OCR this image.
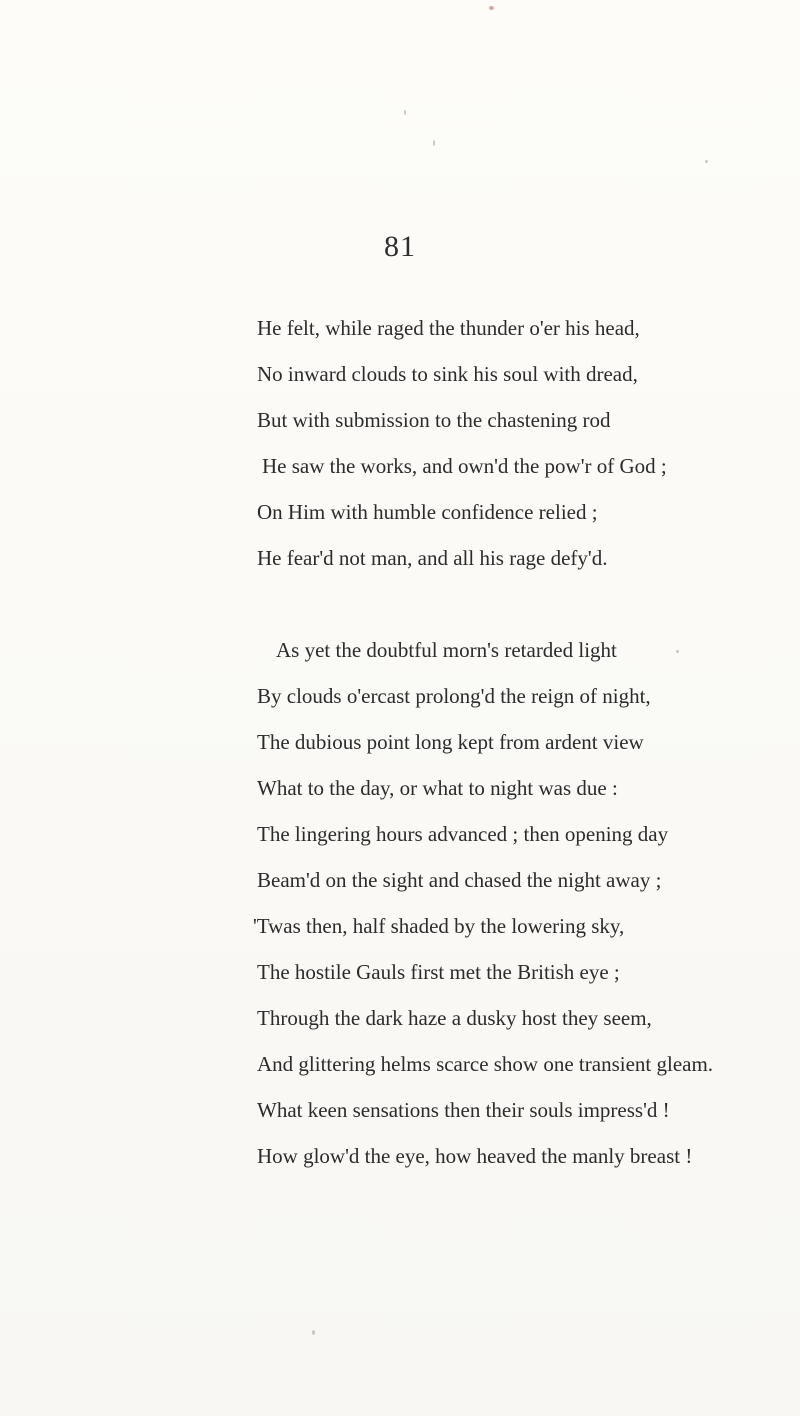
81
He felt, while raged the thunder o'er his head,
No inward clouds to sink his soul with dread,
But with submission to the chastening rod
He saw the works, and own'd the pow'r of God ;
On Him with humble confidence relied ;
He fear'd not man, and all his rage defy'd.
As yet the doubtful morn's retarded light
By clouds o'ercast prolong'd the reign of night,
The dubious point long kept from ardent view
What to the day, or what to night was due :
The lingering hours advanced ; then opening day
Beam'd on the sight and chased the night away ;
'Twas then, half shaded by the lowering sky,
The hostile Gauls first met the British eye ;
Through the dark haze a dusky host they seem,
And glittering helms scarce show one transient gleam.
What keen sensations then their souls impress'd !
How glow'd the eye, how heaved the manly breast !
